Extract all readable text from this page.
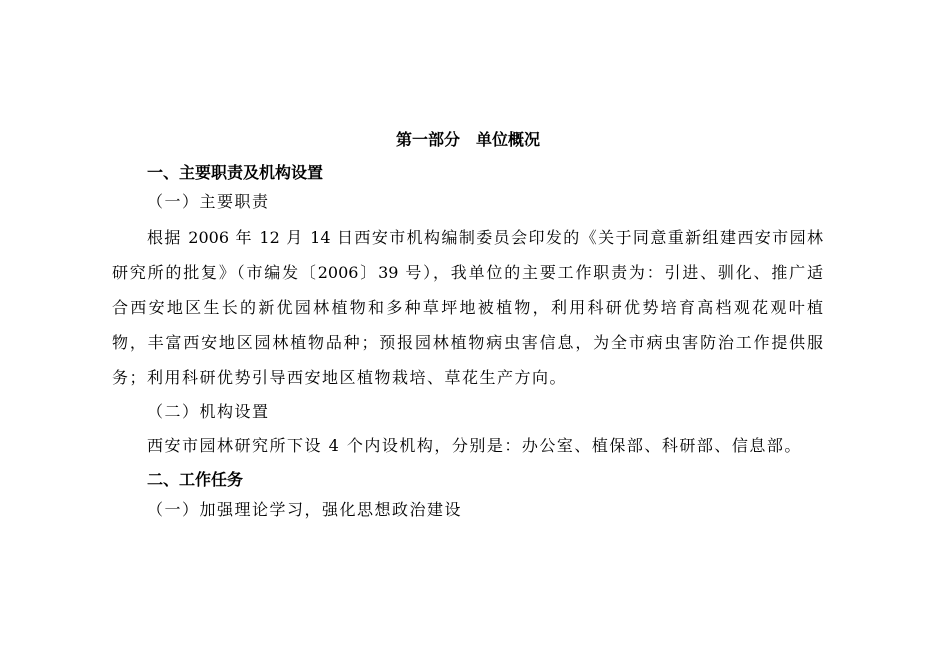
第一部分　单位概况
一、主要职责及机构设置
（一）主要职责
根据 2006 年 12 月 14 日西安市机构编制委员会印发的《关于同意重新组建西安市园林
研究所的批复》（市编发〔2006〕39 号），我单位的主要工作职责为：引进、驯化、推广适
合西安地区生长的新优园林植物和多种草坪地被植物，利用科研优势培育高档观花观叶植
物，丰富西安地区园林植物品种；预报园林植物病虫害信息，为全市病虫害防治工作提供服
务；利用科研优势引导西安地区植物栽培、草花生产方向。
（二）机构设置
西安市园林研究所下设 4 个内设机构，分别是：办公室、植保部、科研部、信息部。
二、工作任务
（一）加强理论学习，强化思想政治建设
